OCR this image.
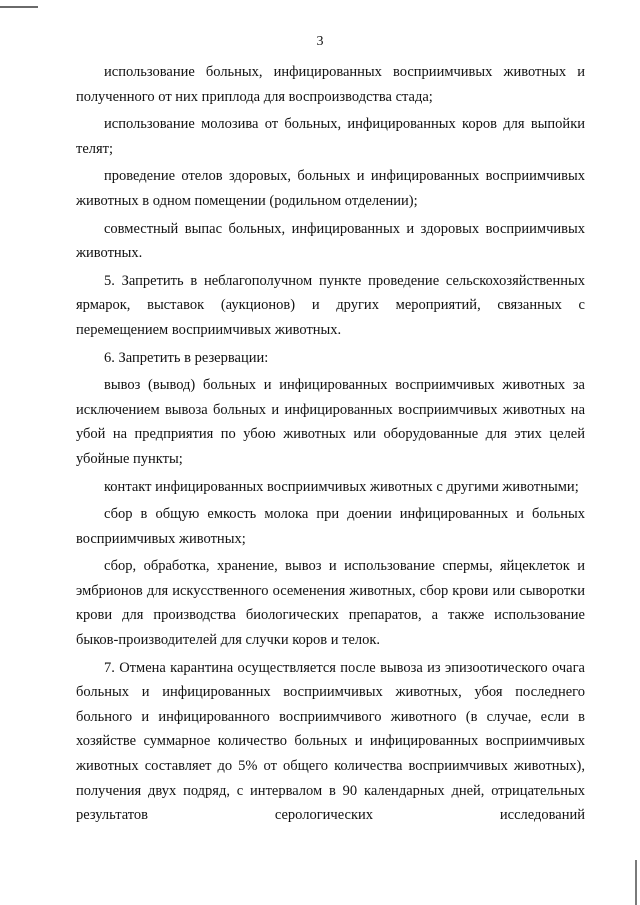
3

использование больных, инфицированных восприимчивых животных и полученного от них приплода для воспроизводства стада;

использование молозива от больных, инфицированных коров для выпойки телят;

проведение отелов здоровых, больных и инфицированных восприимчивых животных в одном помещении (родильном отделении);

совместный выпас больных, инфицированных и здоровых восприимчивых животных.

5. Запретить в неблагополучном пункте проведение сельскохозяйственных ярмарок, выставок (аукционов) и других мероприятий, связанных с перемещением восприимчивых животных.

6. Запретить в резервации:

вывоз (вывод) больных и инфицированных восприимчивых животных за исключением вывоза больных и инфицированных восприимчивых животных на убой на предприятия по убою животных или оборудованные для этих целей убойные пункты;

контакт инфицированных восприимчивых животных с другими животными;

сбор в общую емкость молока при доении инфицированных и больных восприимчивых животных;

сбор, обработка, хранение, вывоз и использование спермы, яйцеклеток и эмбрионов для искусственного осеменения животных, сбор крови или сыворотки крови для производства биологических препаратов, а также использование быков-производителей для случки коров и телок.

7. Отмена карантина осуществляется после вывоза из эпизоотического очага больных и инфицированных восприимчивых животных, убоя последнего больного и инфицированного восприимчивого животного (в случае, если в хозяйстве суммарное количество больных и инфицированных восприимчивых животных составляет до 5% от общего количества восприимчивых животных), получения двух подряд, с интервалом в 90 календарных дней, отрицательных результатов серологических исследований
